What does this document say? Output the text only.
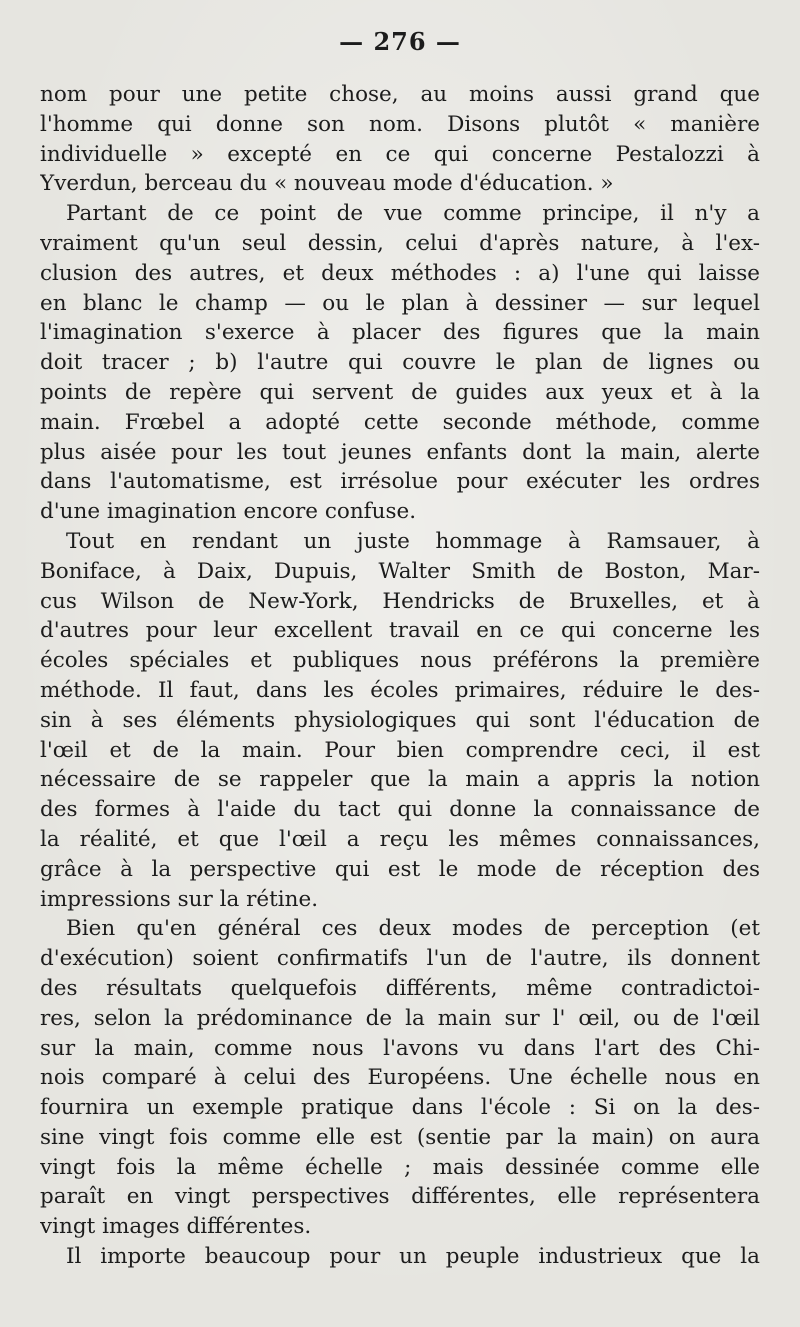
— 276 —
nom pour une petite chose, au moins aussi grand que
l'homme qui donne son nom. Disons plutôt « manière
individuelle » excepté en ce qui concerne Pestalozzi à
Yverdun, berceau du « nouveau mode d'éducation. »
Partant de ce point de vue comme principe, il n'y a
vraiment qu'un seul dessin, celui d'après nature, à l'ex-
clusion des autres, et deux méthodes : a) l'une qui laisse
en blanc le champ — ou le plan à dessiner — sur lequel
l'imagination s'exerce à placer des figures que la main
doit tracer ; b) l'autre qui couvre le plan de lignes ou
points de repère qui servent de guides aux yeux et à la
main. Frœbel a adopté cette seconde méthode, comme
plus aisée pour les tout jeunes enfants dont la main, alerte
dans l'automatisme, est irrésolue pour exécuter les ordres
d'une imagination encore confuse.
Tout en rendant un juste hommage à Ramsauer, à
Boniface, à Daix, Dupuis, Walter Smith de Boston, Mar-
cus Wilson de New-York, Hendricks de Bruxelles, et à
d'autres pour leur excellent travail en ce qui concerne les
écoles spéciales et publiques nous préférons la première
méthode. Il faut, dans les écoles primaires, réduire le des-
sin à ses éléments physiologiques qui sont l'éducation de
l'œil et de la main. Pour bien comprendre ceci, il est
nécessaire de se rappeler que la main a appris la notion
des formes à l'aide du tact qui donne la connaissance de
la réalité, et que l'œil a reçu les mêmes connaissances,
grâce à la perspective qui est le mode de réception des
impressions sur la rétine.
Bien qu'en général ces deux modes de perception (et
d'exécution) soient confirmatifs l'un de l'autre, ils donnent
des résultats quelquefois différents, même contradictoi-
res, selon la prédominance de la main sur l' œil, ou de l'œil
sur la main, comme nous l'avons vu dans l'art des Chi-
nois comparé à celui des Européens. Une échelle nous en
fournira un exemple pratique dans l'école : Si on la des-
sine vingt fois comme elle est (sentie par la main) on aura
vingt fois la même échelle ; mais dessinée comme elle
paraît en vingt perspectives différentes, elle représentera
vingt images différentes.
Il importe beaucoup pour un peuple industrieux que la
